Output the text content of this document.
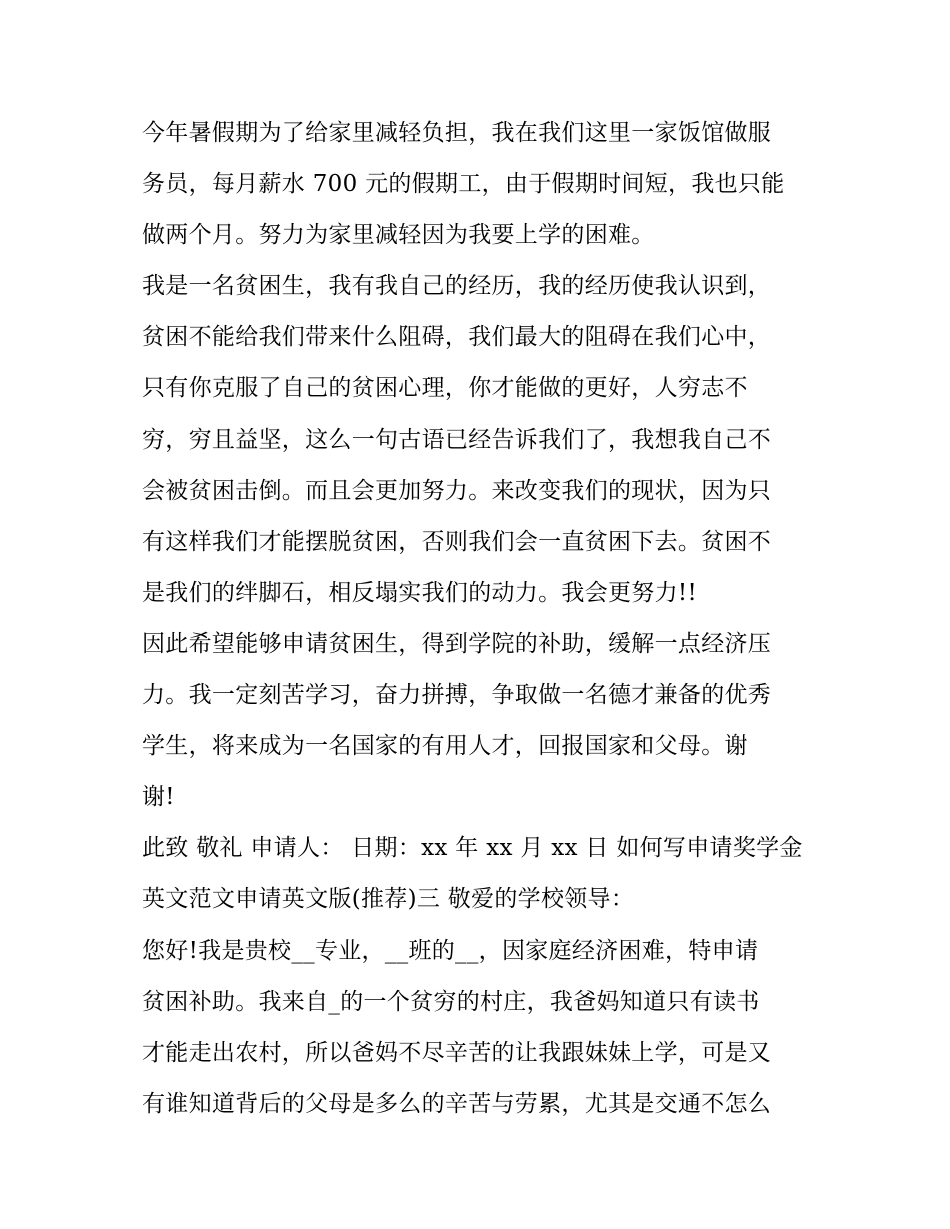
今年暑假期为了给家里减轻负担，我在我们这里一家饭馆做服
务员，每月薪水 700 元的假期工，由于假期时间短，我也只能
做两个月。努力为家里减轻因为我要上学的困难。
我是一名贫困生，我有我自己的经历，我的经历使我认识到，
贫困不能给我们带来什么阻碍，我们最大的阻碍在我们心中，
只有你克服了自己的贫困心理，你才能做的更好，人穷志不
穷，穷且益坚，这么一句古语已经告诉我们了，我想我自己不
会被贫困击倒。而且会更加努力。来改变我们的现状，因为只
有这样我们才能摆脱贫困，否则我们会一直贫困下去。贫困不
是我们的绊脚石，相反塌实我们的动力。我会更努力!!
因此希望能够申请贫困生，得到学院的补助，缓解一点经济压
力。我一定刻苦学习，奋力拼搏，争取做一名德才兼备的优秀
学生，将来成为一名国家的有用人才，回报国家和父母。谢
谢!
此致 敬礼 申请人： 日期：xx 年 xx 月 xx 日 如何写申请奖学金
英文范文申请英文版(推荐)三 敬爱的学校领导：
您好!我是贵校__专业，__班的__，因家庭经济困难，特申请
贫困补助。我来自_的一个贫穷的村庄，我爸妈知道只有读书
才能走出农村，所以爸妈不尽辛苦的让我跟妹妹上学，可是又
有谁知道背后的父母是多么的辛苦与劳累，尤其是交通不怎么
